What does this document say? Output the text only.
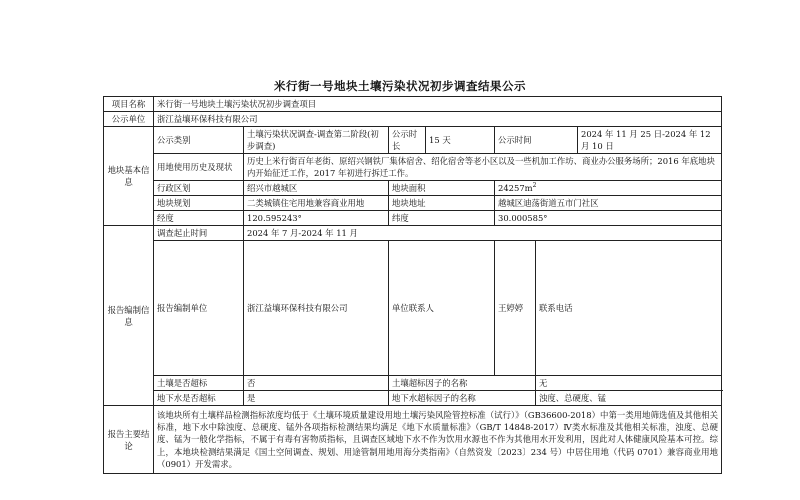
米行街一号地块土壤污染状况初步调查结果公示
项目名称	米行街一号地块土壤污染状况初步调查项目							
公示单位	浙江益壤环保科技有限公司							
地块基本信息	公示类别	土壤污染状况调查-调查第二阶段(初步调查)	公示时长	15 天	公示时间		2024 年 11 月 25 日-2024 年 12 月 10 日	
	用地使用历史及现状	历史上米行街百年老街、原绍兴钢铁厂集体宿舍、绍化宿舍等老小区以及一些机加工作坊、商业办公服务场所；2016 年底地块内开始征迁工作，2017 年初进行拆迁工作。						
	行政区划	绍兴市越城区	地块面积		$24257m^2$
	地块规划	二类城镇住宅用地兼容商业用地	地块地址		越城区迪荡街道五市门社区			
	经度	120.595243°	纬度		30.000585°			
报告编制信息	调查起止时间	2024 年 7 月-2024 年 11 月						
	报告编制单位	浙江益壤环保科技有限公司	单位联系人		王婷婷	联系电话	
	土壤是否超标	否	土壤超标因子的名称			无		
	地下水是否超标	是	地下水超标因子的名称			浊度、总硬度、锰		
报告主要结论	该地块所有土壤样品检测指标浓度均低于《土壤环境质量建设用地土壤污染风险管控标准（试行）》（GB36600-2018）中第一类用地筛选值及其他相关标准，地下水中除浊度、总硬度、锰外各项指标检测结果均满足《地下水质量标准》（GB/T 14848-2017）Ⅳ类水标准及其他相关标准，浊度、总硬度、锰为一般化学指标，不属于有毒有害物质指标，且调查区域地下水不作为饮用水源也不作为其他用水开发利用，因此对人体健康风险基本可控。综上，本地块检测结果满足《国土空间调查、规划、用途管制用地用海分类指南》（自然资发〔2023〕234 号）中居住用地（代码 0701）兼容商业用地（0901）开发需求。							
